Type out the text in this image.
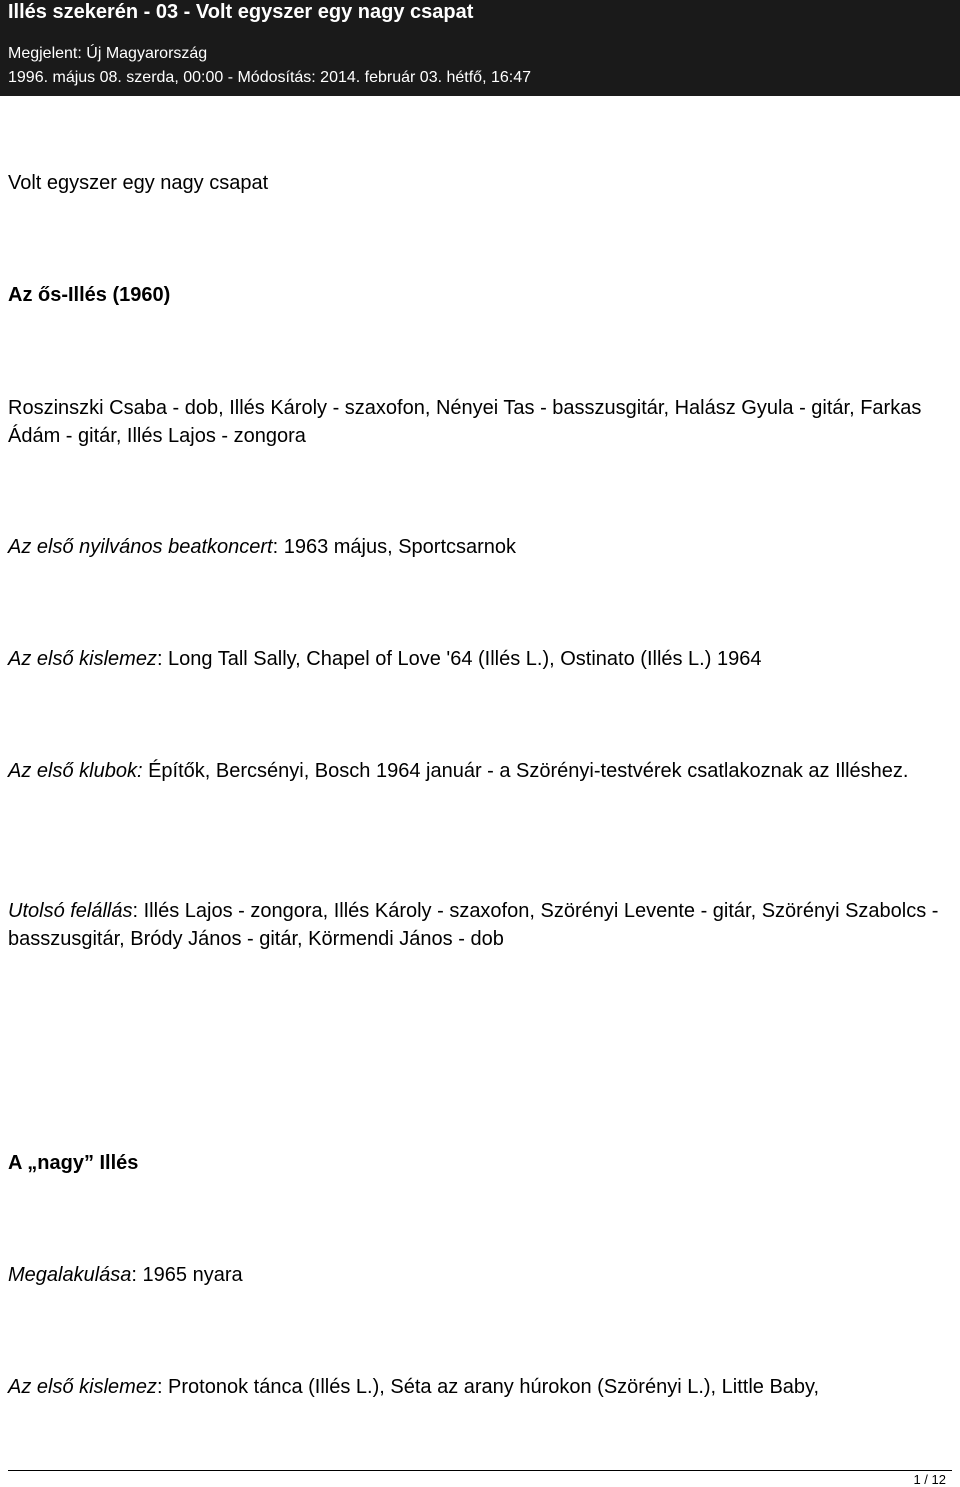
Illés szekerén - 03 - Volt egyszer egy nagy csapat
Megjelent: Új Magyarország
1996. május 08. szerda, 00:00 - Módosítás: 2014. február 03. hétfő, 16:47

Volt egyszer egy nagy csapat

Az ős-Illés (1960)

Roszinszki Csaba - dob, Illés Károly - szaxofon, Nényei Tas - basszusgitár, Halász Gyula - gitár, Farkas Ádám - gitár, Illés Lajos - zongora

Az első nyilvános beatkoncert: 1963 május, Sportcsarnok

Az első kislemez: Long Tall Sally, Chapel of Love '64 (Illés L.), Ostinato (Illés L.) 1964

Az első klubok: Építők, Bercsényi, Bosch 1964 január - a Szörényi-testvérek csatlakoznak az Illéshez.

Utolsó felállás: Illés Lajos - zongora, Illés Károly - szaxofon, Szörényi Levente - gitár, Szörényi Szabolcs - basszusgitár, Bródy János - gitár, Körmendi János - dob

A „nagy” Illés

Megalakulása: 1965 nyara

Az első kislemez: Protonok tánca (Illés L.), Séta az arany húrokon (Szörényi L.), Little Baby,

1 / 12
